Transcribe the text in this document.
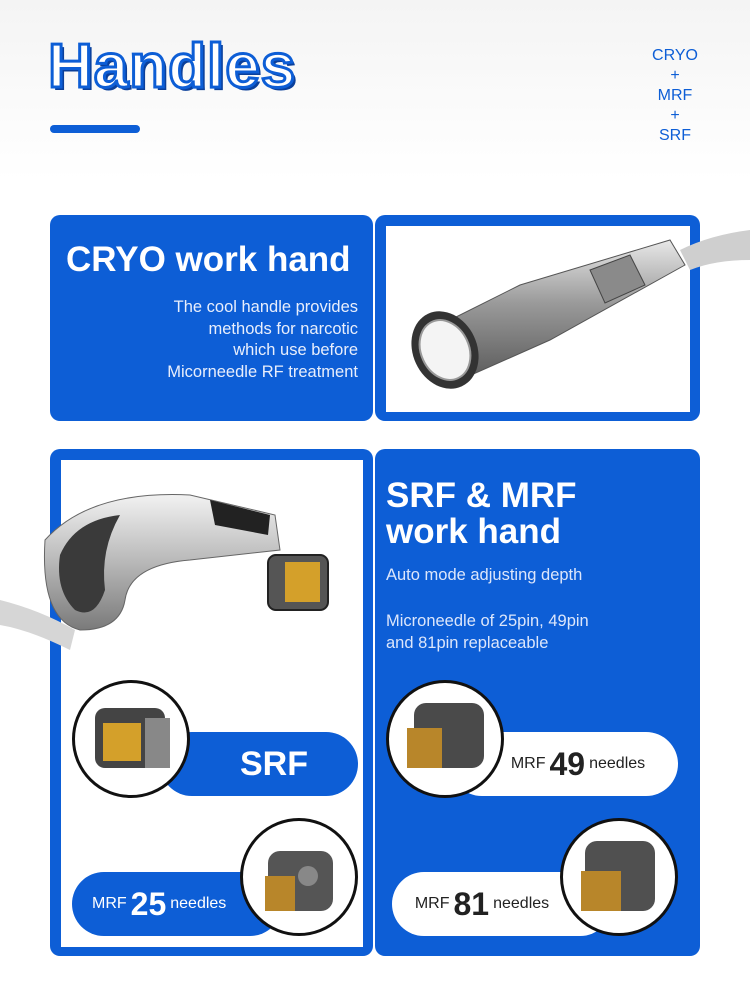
Handles	CRYO
+
MRF
+
SRF
CRYO work hand
The cool handle provides
methods for narcotic
which use before
Micorneedle RF treatment
SRF
MRF 25 needles
SRF & MRF
work hand
Auto mode adjusting depth
Microneedle of 25pin, 49pin
and 81pin replaceable
MRF 49 needles
MRF 81 needles
